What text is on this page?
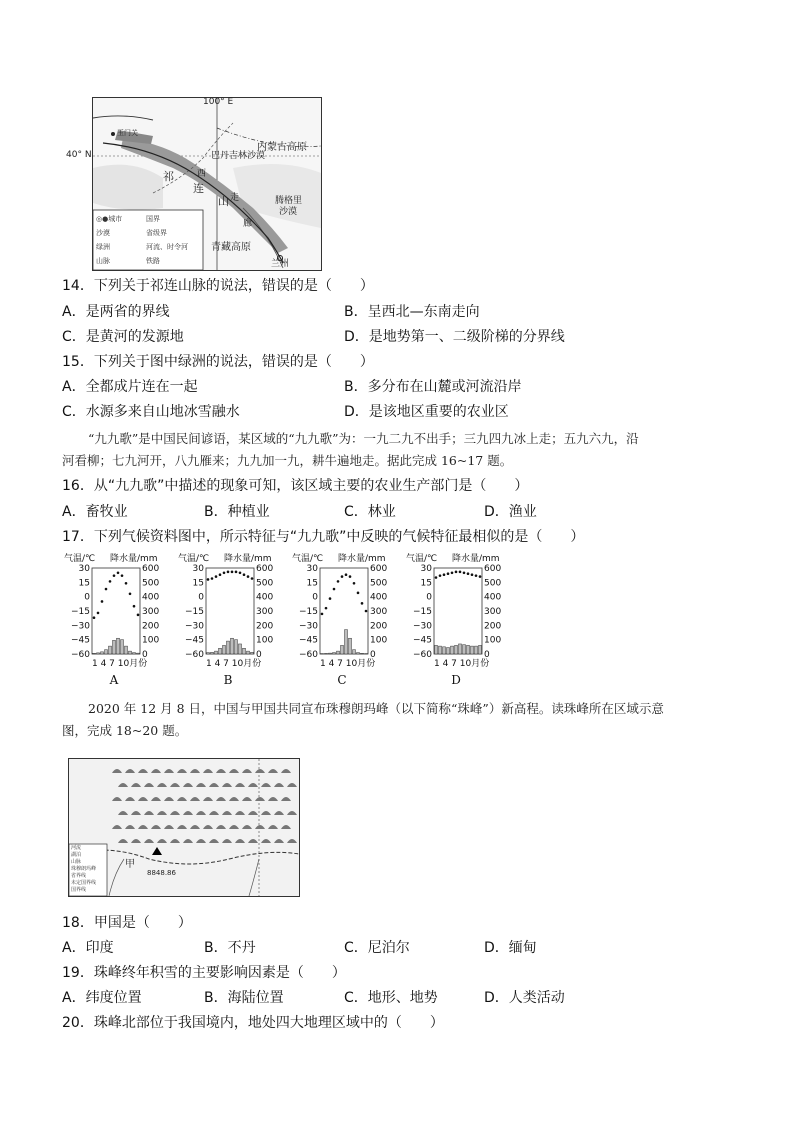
100° E
40° N
内蒙古高原
巴丹吉林沙漠
玉门关
祁
连
山
西
走
廊
腾格里
沙漠
青藏高原
兰州
◎●城市	国界
沙漠	省级界
绿洲	河流、时令河
山脉	铁路
14．下列关于祁连山脉的说法，错误的是（　　）
A．是两省的界线	B．呈西北—东南走向
C．是黄河的发源地	D．是地势第一、二级阶梯的分界线
15．下列关于图中绿洲的说法，错误的是（　　）
A．全都成片连在一起	B．多分布在山麓或河流沿岸
C．水源多来自山地冰雪融水	D．是该地区重要的农业区
“九九歌”是中国民间谚语，某区域的“九九歌”为：一九二九不出手；三九四九冰上走；五九六九，沿
河看柳；七九河开，八九雁来；九九加一九，耕牛遍地走。据此完成 16~17 题。
16．从“九九歌”中描述的现象可知，该区域主要的农业生产部门是（　　）
A．畜牧业	B．种植业	C．林业	D．渔业
17．下列气候资料图中，所示特征与“九九歌”中反映的气候特征最相似的是（　　）
30
15
0
−15
−30
−45
−60
600
500
400
300
200
100
0
气温/℃ 降水量/mm
1 4 7 10月份
A
30
15
0
−15
−30
−45
−60
600
500
400
300
200
100
0
气温/℃ 降水量/mm
1 4 7 10月份
B
30
15
0
−15
−30
−45
−60
600
500
400
300
200
100
0
气温/℃ 降水量/mm
1 4 7 10月份
C
30
15
0
−15
−30
−45
−60
600
500
400
300
200
100
0
气温/℃ 降水量/mm
1 4 7 10月份
D
2020 年 12 月 8 日，中国与甲国共同宣布珠穆朗玛峰（以下简称“珠峰”）新高程。读珠峰所在区域示意
图，完成 18~20 题。
甲
8848.86
河流
湖泊
山脉
珠穆朗玛峰
省界线
未定国界线
国界线
18．甲国是（　　）
A．印度	B．不丹	C．尼泊尔	D．缅甸
19．珠峰终年积雪的主要影响因素是（　　）
A．纬度位置	B．海陆位置	C．地形、地势	D．人类活动
20．珠峰北部位于我国境内，地处四大地理区域中的（　　）
